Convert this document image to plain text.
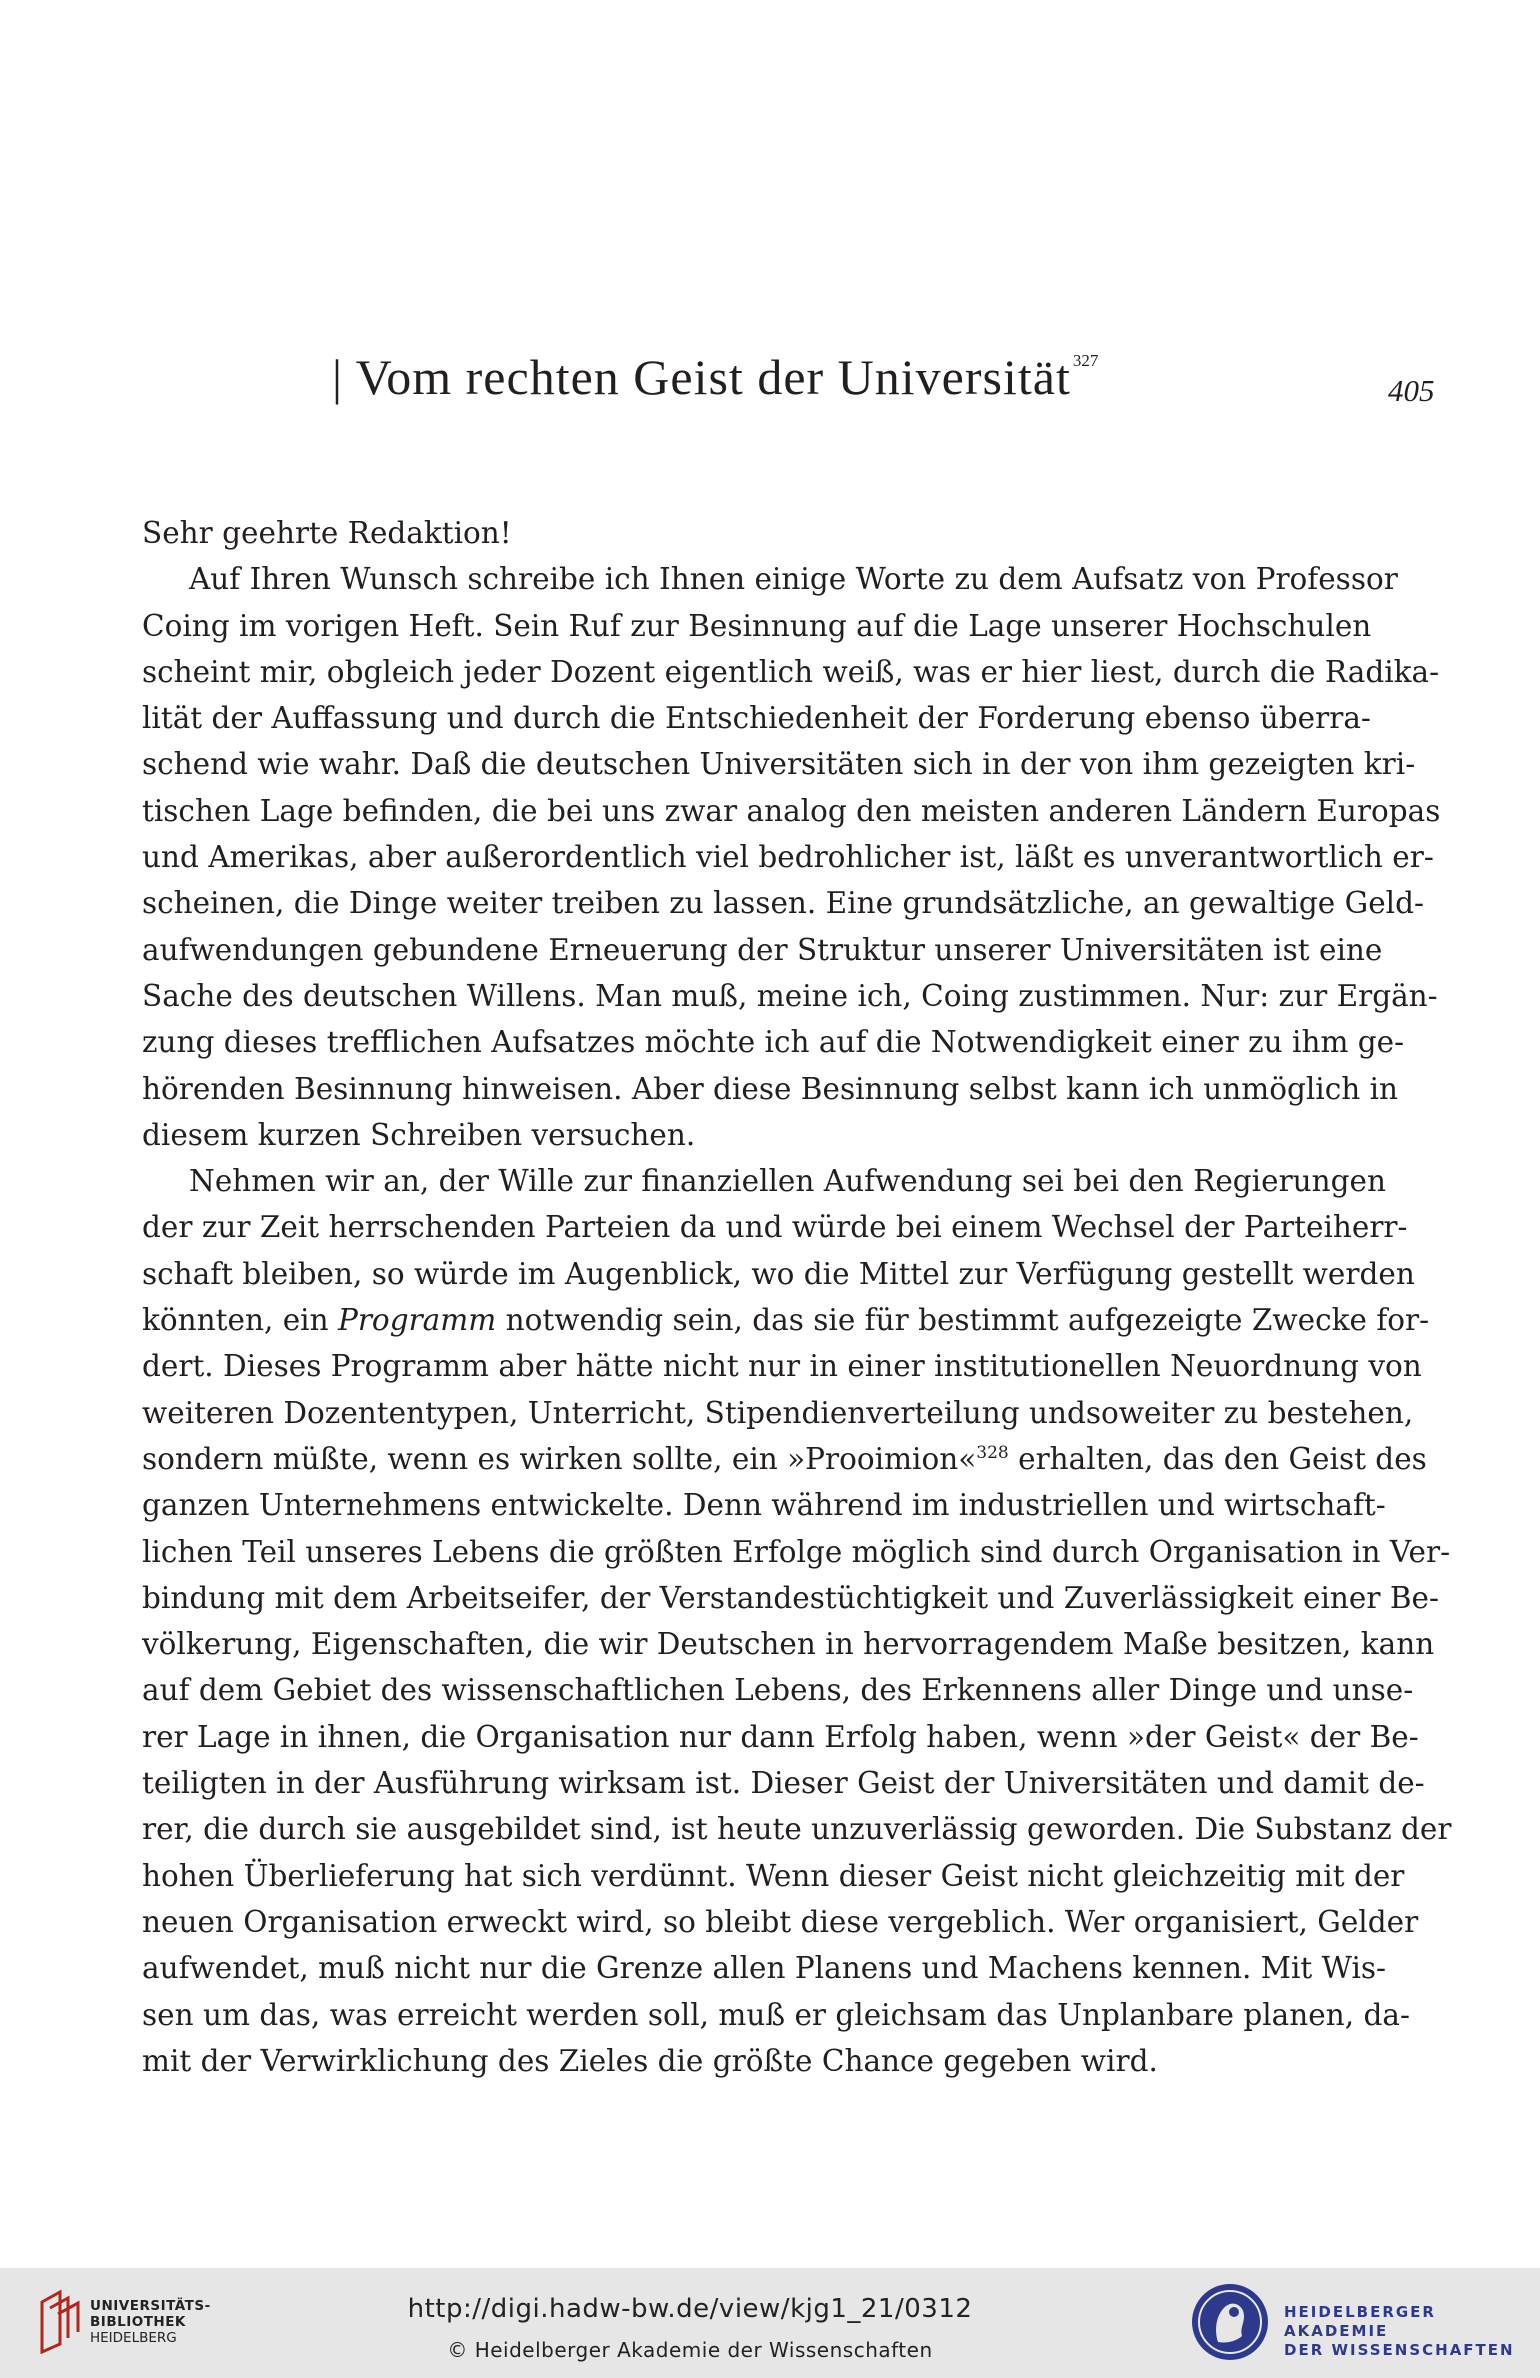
| Vom rechten Geist der Universität $^{327}$
405
Sehr geehrte Redaktion!
Auf Ihren Wunsch schreibe ich Ihnen einige Worte zu dem Aufsatz von Professor
Coing im vorigen Heft. Sein Ruf zur Besinnung auf die Lage unserer Hochschulen
scheint mir, obgleich jeder Dozent eigentlich weiß, was er hier liest, durch die Radika-
lität der Auffassung und durch die Entschiedenheit der Forderung ebenso überra-
schend wie wahr. Daß die deutschen Universitäten sich in der von ihm gezeigten kri-
tischen Lage befinden, die bei uns zwar analog den meisten anderen Ländern Europas
und Amerikas, aber außerordentlich viel bedrohlicher ist, läßt es unverantwortlich er-
scheinen, die Dinge weiter treiben zu lassen. Eine grundsätzliche, an gewaltige Geld-
aufwendungen gebundene Erneuerung der Struktur unserer Universitäten ist eine
Sache des deutschen Willens. Man muß, meine ich, Coing zustimmen. Nur: zur Ergän-
zung dieses trefflichen Aufsatzes möchte ich auf die Notwendigkeit einer zu ihm ge-
hörenden Besinnung hinweisen. Aber diese Besinnung selbst kann ich unmöglich in
diesem kurzen Schreiben versuchen.
Nehmen wir an, der Wille zur finanziellen Aufwendung sei bei den Regierungen
der zur Zeit herrschenden Parteien da und würde bei einem Wechsel der Parteiherr-
schaft bleiben, so würde im Augenblick, wo die Mittel zur Verfügung gestellt werden
könnten, ein Programm notwendig sein, das sie für bestimmt aufgezeigte Zwecke for-
dert. Dieses Programm aber hätte nicht nur in einer institutionellen Neuordnung von
weiteren Dozententypen, Unterricht, Stipendienverteilung undsoweiter zu bestehen,
sondern müßte, wenn es wirken sollte, ein »Prooimion«$^{328}$ erhalten, das den Geist des
ganzen Unternehmens entwickelte. Denn während im industriellen und wirtschaft-
lichen Teil unseres Lebens die größten Erfolge möglich sind durch Organisation in Ver-
bindung mit dem Arbeitseifer, der Verstandestüchtigkeit und Zuverlässigkeit einer Be-
völkerung, Eigenschaften, die wir Deutschen in hervorragendem Maße besitzen, kann
auf dem Gebiet des wissenschaftlichen Lebens, des Erkennens aller Dinge und unse-
rer Lage in ihnen, die Organisation nur dann Erfolg haben, wenn »der Geist« der Be-
teiligten in der Ausführung wirksam ist. Dieser Geist der Universitäten und damit de-
rer, die durch sie ausgebildet sind, ist heute unzuverlässig geworden. Die Substanz der
hohen Überlieferung hat sich verdünnt. Wenn dieser Geist nicht gleichzeitig mit der
neuen Organisation erweckt wird, so bleibt diese vergeblich. Wer organisiert, Gelder
aufwendet, muß nicht nur die Grenze allen Planens und Machens kennen. Mit Wis-
sen um das, was erreicht werden soll, muß er gleichsam das Unplanbare planen, da-
mit der Verwirklichung des Zieles die größte Chance gegeben wird.
UNIVERSITÄTS-
BIBLIOTHEK
HEIDELBERG
http://digi.hadw-bw.de/view/kjg1_21/0312
© Heidelberger Akademie der Wissenschaften
HEIDELBERGER AKADEMIE
DER WISSENSCHAFTEN
